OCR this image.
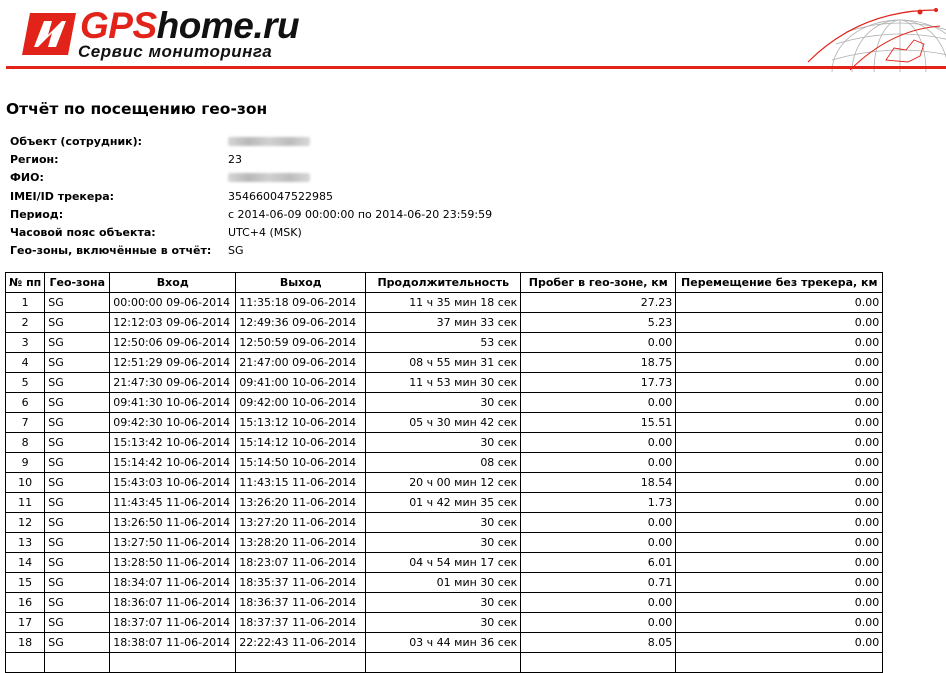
GPShome.ru
Сервис мониторинга
Отчёт по посещению гео-зон
Объект (сотрудник):
Регион:	23
ФИО:
IMEI/ID трекера:	354660047522985
Период:	с 2014-06-09 00:00:00 по 2014-06-20 23:59:59
Часовой пояс объекта:	UTC+4 (MSK)
Гео-зоны, включённые в отчёт: SG
№ пп	Гео-зона	Вход	Выход	Продолжительность	Пробег в гео-зоне, км	Перемещение без трекера, км
1	SG	00:00:00 09-06-2014	11:35:18 09-06-2014	11 ч 35 мин 18 сек	27.23	0.00
2	SG	12:12:03 09-06-2014	12:49:36 09-06-2014	37 мин 33 сек	5.23	0.00
3	SG	12:50:06 09-06-2014	12:50:59 09-06-2014	53 сек	0.00	0.00
4	SG	12:51:29 09-06-2014	21:47:00 09-06-2014	08 ч 55 мин 31 сек	18.75	0.00
5	SG	21:47:30 09-06-2014	09:41:00 10-06-2014	11 ч 53 мин 30 сек	17.73	0.00
6	SG	09:41:30 10-06-2014	09:42:00 10-06-2014	30 сек	0.00	0.00
7	SG	09:42:30 10-06-2014	15:13:12 10-06-2014	05 ч 30 мин 42 сек	15.51	0.00
8	SG	15:13:42 10-06-2014	15:14:12 10-06-2014	30 сек	0.00	0.00
9	SG	15:14:42 10-06-2014	15:14:50 10-06-2014	08 сек	0.00	0.00
10	SG	15:43:03 10-06-2014	11:43:15 11-06-2014	20 ч 00 мин 12 сек	18.54	0.00
11	SG	11:43:45 11-06-2014	13:26:20 11-06-2014	01 ч 42 мин 35 сек	1.73	0.00
12	SG	13:26:50 11-06-2014	13:27:20 11-06-2014	30 сек	0.00	0.00
13	SG	13:27:50 11-06-2014	13:28:20 11-06-2014	30 сек	0.00	0.00
14	SG	13:28:50 11-06-2014	18:23:07 11-06-2014	04 ч 54 мин 17 сек	6.01	0.00
15	SG	18:34:07 11-06-2014	18:35:37 11-06-2014	01 мин 30 сек	0.71	0.00
16	SG	18:36:07 11-06-2014	18:36:37 11-06-2014	30 сек	0.00	0.00
17	SG	18:37:07 11-06-2014	18:37:37 11-06-2014	30 сек	0.00	0.00
18	SG	18:38:07 11-06-2014	22:22:43 11-06-2014	03 ч 44 мин 36 сек	8.05	0.00
